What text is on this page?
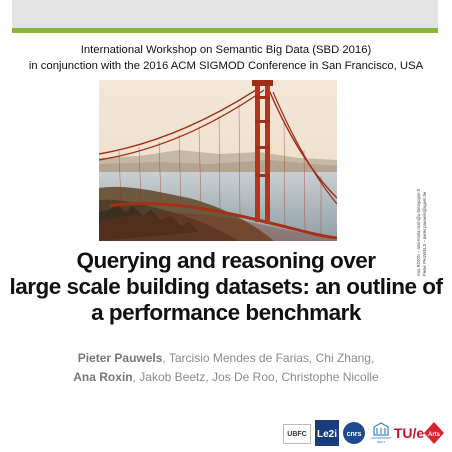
International Workshop on Semantic Big Data (SBD 2016)
in conjunction with the 2016 ACM SIGMOD Conference in San Francisco, USA
Ana ROXIN – ana-maria.roxin@u-bourgogne.fr Pieter PAUWELS – pieter.pauwels@ugent.be
Querying and reasoning over
large scale building datasets: an outline of
a performance benchmark
Pieter Pauwels, Tarcisio Mendes de Farias, Chi Zhang,
Ana Roxin, Jakob Beetz, Jos De Roo, Christophe Nicolle
UBFC Le2i cnrs	UNIVERSITEIT GENT
TU/e Arts
